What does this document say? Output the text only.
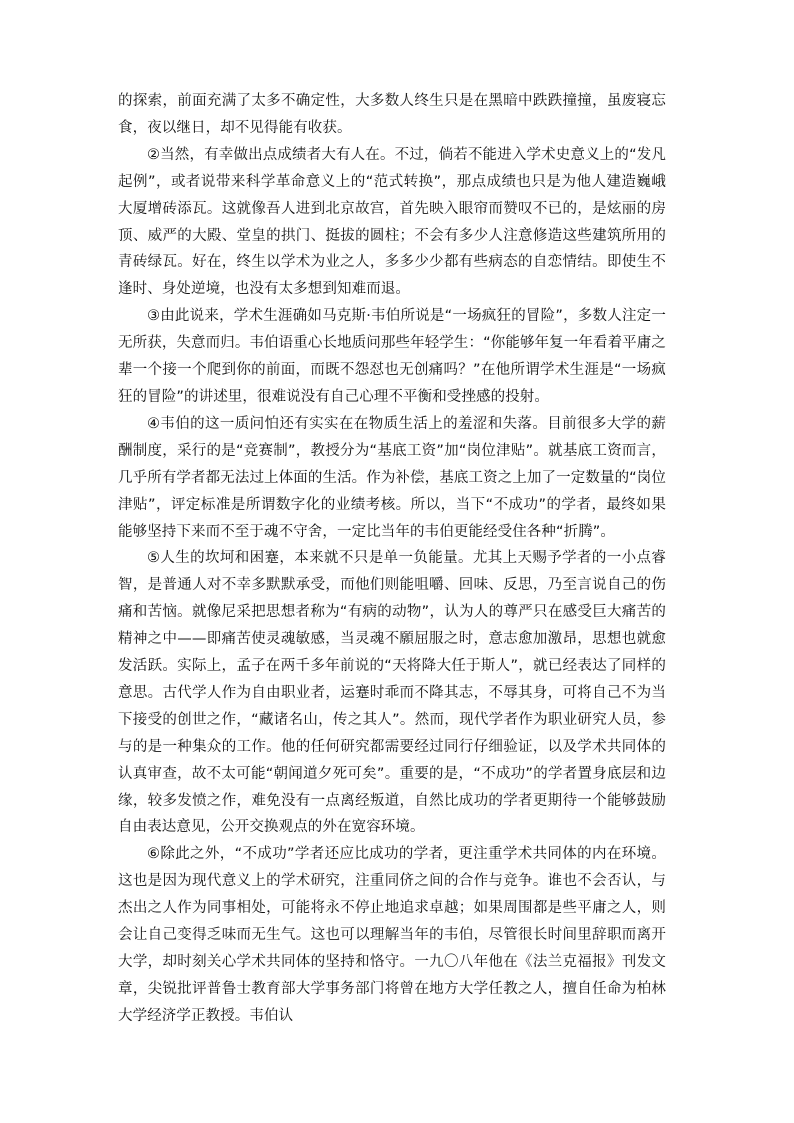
的探索，前面充满了太多不确定性，大多数人终生只是在黑暗中跌跌撞撞，虽废寝忘食，夜以继日，却不见得能有收获。

②当然，有幸做出点成绩者大有人在。不过，倘若不能进入学术史意义上的“发凡起例”，或者说带来科学革命意义上的“范式转换”，那点成绩也只是为他人建造巍峨大厦增砖添瓦。这就像吾人进到北京故宫，首先映入眼帘而赞叹不已的，是炫丽的房顶、威严的大殿、堂皇的拱门、挺拔的圆柱；不会有多少人注意修造这些建筑所用的青砖绿瓦。好在，终生以学术为业之人，多多少少都有些病态的自恋情结。即使生不逢时、身处逆境，也没有太多想到知难而退。

③由此说来，学术生涯确如马克斯·韦伯所说是“一场疯狂的冒险”，多数人注定一无所获，失意而归。韦伯语重心长地质问那些年轻学生：“你能够年复一年看着平庸之辈一个接一个爬到你的前面，而既不怨怼也无创痛吗？”在他所谓学术生涯是“一场疯狂的冒险”的讲述里，很难说没有自己心理不平衡和受挫感的投射。

④韦伯的这一质问怕还有实实在在物质生活上的羞涩和失落。目前很多大学的薪酬制度，采行的是“竞赛制”，教授分为“基底工资”加“岗位津贴”。就基底工资而言，几乎所有学者都无法过上体面的生活。作为补偿，基底工资之上加了一定数量的“岗位津贴”，评定标准是所谓数字化的业绩考核。所以，当下“不成功”的学者，最终如果能够坚持下来而不至于魂不守舍，一定比当年的韦伯更能经受住各种“折腾”。

⑤人生的坎坷和困蹇，本来就不只是单一负能量。尤其上天赐予学者的一小点睿智，是普通人对不幸多默默承受，而他们则能咀嚼、回味、反思，乃至言说自己的伤痛和苦恼。就像尼采把思想者称为“有病的动物”，认为人的尊严只在感受巨大痛苦的精神之中——即痛苦使灵魂敏感，当灵魂不願屈服之时，意志愈加激昂，思想也就愈发活跃。实际上，孟子在两千多年前说的“天将降大任于斯人”，就已经表达了同样的意思。古代学人作为自由职业者，运蹇时乖而不降其志，不辱其身，可将自己不为当下接受的创世之作，“藏诸名山，传之其人”。然而，现代学者作为职业研究人员，参与的是一种集众的工作。他的任何研究都需要经过同行仔细验证，以及学术共同体的认真审查，故不太可能“朝闻道夕死可矣”。重要的是，“不成功”的学者置身底层和边缘，较多发愤之作，难免没有一点离经叛道，自然比成功的学者更期待一个能够鼓励自由表达意见，公开交换观点的外在宽容环境。

⑥除此之外，“不成功”学者还应比成功的学者，更注重学术共同体的内在环境。这也是因为现代意义上的学术研究，注重同侪之间的合作与竞争。谁也不会否认，与杰出之人作为同事相处，可能将永不停止地追求卓越；如果周围都是些平庸之人，则会让自己变得乏味而无生气。这也可以理解当年的韦伯，尽管很长时间里辞职而离开大学，却时刻关心学术共同体的坚持和恪守。一九〇八年他在《法兰克福报》刊发文章，尖锐批评普鲁士教育部大学事务部门将曾在地方大学任教之人，擅自任命为柏林大学经济学正教授。韦伯认
